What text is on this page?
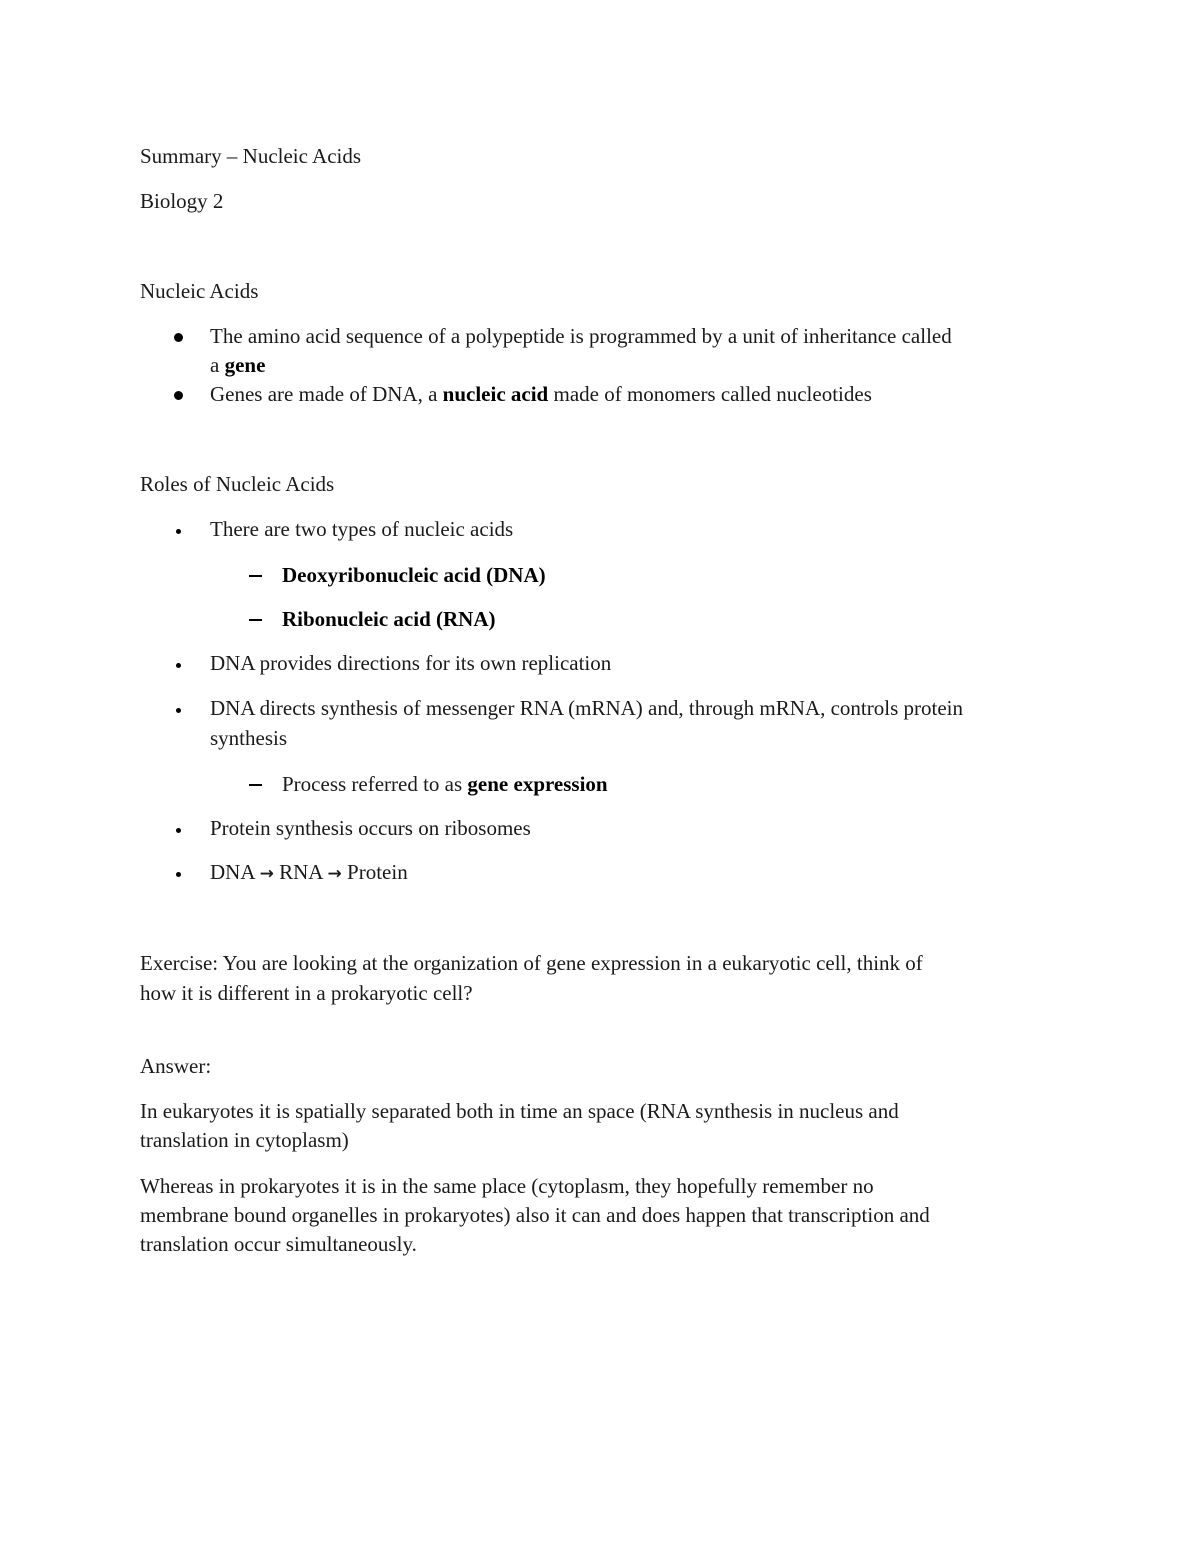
Summary – Nucleic Acids
Biology 2
Nucleic Acids
The amino acid sequence of a polypeptide is programmed by a unit of inheritance called
a gene
Genes are made of DNA, a nucleic acid made of monomers called nucleotides
Roles of Nucleic Acids
There are two types of nucleic acids
Deoxyribonucleic acid (DNA)
Ribonucleic acid (RNA)
DNA provides directions for its own replication
DNA directs synthesis of messenger RNA (mRNA) and, through mRNA, controls protein
synthesis
Process referred to as gene expression
Protein synthesis occurs on ribosomes
DNA → RNA → Protein
Exercise: You are looking at the organization of gene expression in a eukaryotic cell, think of
how it is different in a prokaryotic cell?
Answer:
In eukaryotes it is spatially separated both in time an space (RNA synthesis in nucleus and
translation in cytoplasm)
Whereas in prokaryotes it is in the same place (cytoplasm, they hopefully remember no
membrane bound organelles in prokaryotes) also it can and does happen that transcription and
translation occur simultaneously.
